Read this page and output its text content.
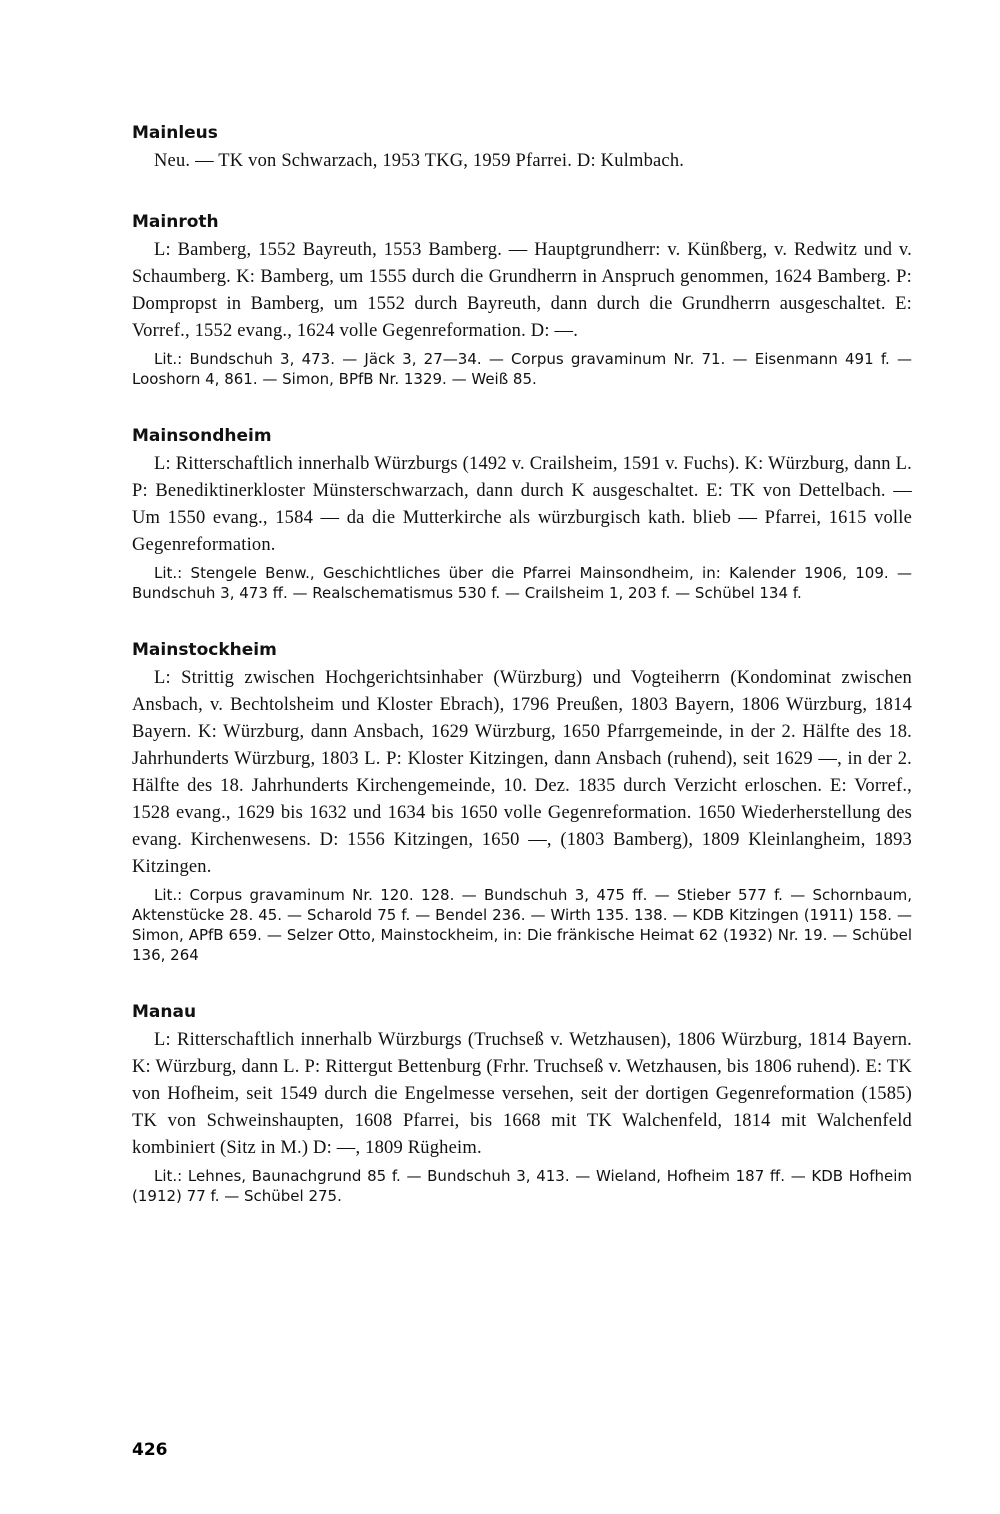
Mainleus
Neu. — TK von Schwarzach, 1953 TKG, 1959 Pfarrei. D: Kulmbach.
Mainroth
L: Bamberg, 1552 Bayreuth, 1553 Bamberg. — Hauptgrundherr: v. Künßberg, v. Redwitz und v. Schaumberg. K: Bamberg, um 1555 durch die Grundherrn in Anspruch genommen, 1624 Bamberg. P: Dompropst in Bamberg, um 1552 durch Bayreuth, dann durch die Grundherrn ausgeschaltet. E: Vorref., 1552 evang., 1624 volle Gegenreformation. D: —.
Lit.: Bundschuh 3, 473. — Jäck 3, 27—34. — Corpus gravaminum Nr. 71. — Eisenmann 491 f. — Looshorn 4, 861. — Simon, BPfB Nr. 1329. — Weiß 85.
Mainsondheim
L: Ritterschaftlich innerhalb Würzburgs (1492 v. Crailsheim, 1591 v. Fuchs). K: Würzburg, dann L. P: Benediktinerkloster Münsterschwarzach, dann durch K ausgeschaltet. E: TK von Dettelbach. — Um 1550 evang., 1584 — da die Mutterkirche als würzburgisch kath. blieb — Pfarrei, 1615 volle Gegenreformation.
Lit.: Stengele Benw., Geschichtliches über die Pfarrei Mainsondheim, in: Kalender 1906, 109. — Bundschuh 3, 473 ff. — Realschematismus 530 f. — Crailsheim 1, 203 f. — Schübel 134 f.
Mainstockheim
L: Strittig zwischen Hochgerichtsinhaber (Würzburg) und Vogteiherrn (Kondominat zwischen Ansbach, v. Bechtolsheim und Kloster Ebrach), 1796 Preußen, 1803 Bayern, 1806 Würzburg, 1814 Bayern. K: Würzburg, dann Ansbach, 1629 Würzburg, 1650 Pfarrgemeinde, in der 2. Hälfte des 18. Jahrhunderts Würzburg, 1803 L. P: Kloster Kitzingen, dann Ansbach (ruhend), seit 1629 —, in der 2. Hälfte des 18. Jahrhunderts Kirchengemeinde, 10. Dez. 1835 durch Verzicht erloschen. E: Vorref., 1528 evang., 1629 bis 1632 und 1634 bis 1650 volle Gegenreformation. 1650 Wiederherstellung des evang. Kirchenwesens. D: 1556 Kitzingen, 1650 —, (1803 Bamberg), 1809 Kleinlangheim, 1893 Kitzingen.
Lit.: Corpus gravaminum Nr. 120. 128. — Bundschuh 3, 475 ff. — Stieber 577 f. — Schornbaum, Aktenstücke 28. 45. — Scharold 75 f. — Bendel 236. — Wirth 135. 138. — KDB Kitzingen (1911) 158. — Simon, APfB 659. — Selzer Otto, Mainstockheim, in: Die fränkische Heimat 62 (1932) Nr. 19. — Schübel 136, 264
Manau
L: Ritterschaftlich innerhalb Würzburgs (Truchseß v. Wetzhausen), 1806 Würzburg, 1814 Bayern. K: Würzburg, dann L. P: Rittergut Bettenburg (Frhr. Truchseß v. Wetzhausen, bis 1806 ruhend). E: TK von Hofheim, seit 1549 durch die Engelmesse versehen, seit der dortigen Gegenreformation (1585) TK von Schweinshaupten, 1608 Pfarrei, bis 1668 mit TK Walchenfeld, 1814 mit Walchenfeld kombiniert (Sitz in M.) D: —, 1809 Rügheim.
Lit.: Lehnes, Baunachgrund 85 f. — Bundschuh 3, 413. — Wieland, Hofheim 187 ff. — KDB Hofheim (1912) 77 f. — Schübel 275.
426
